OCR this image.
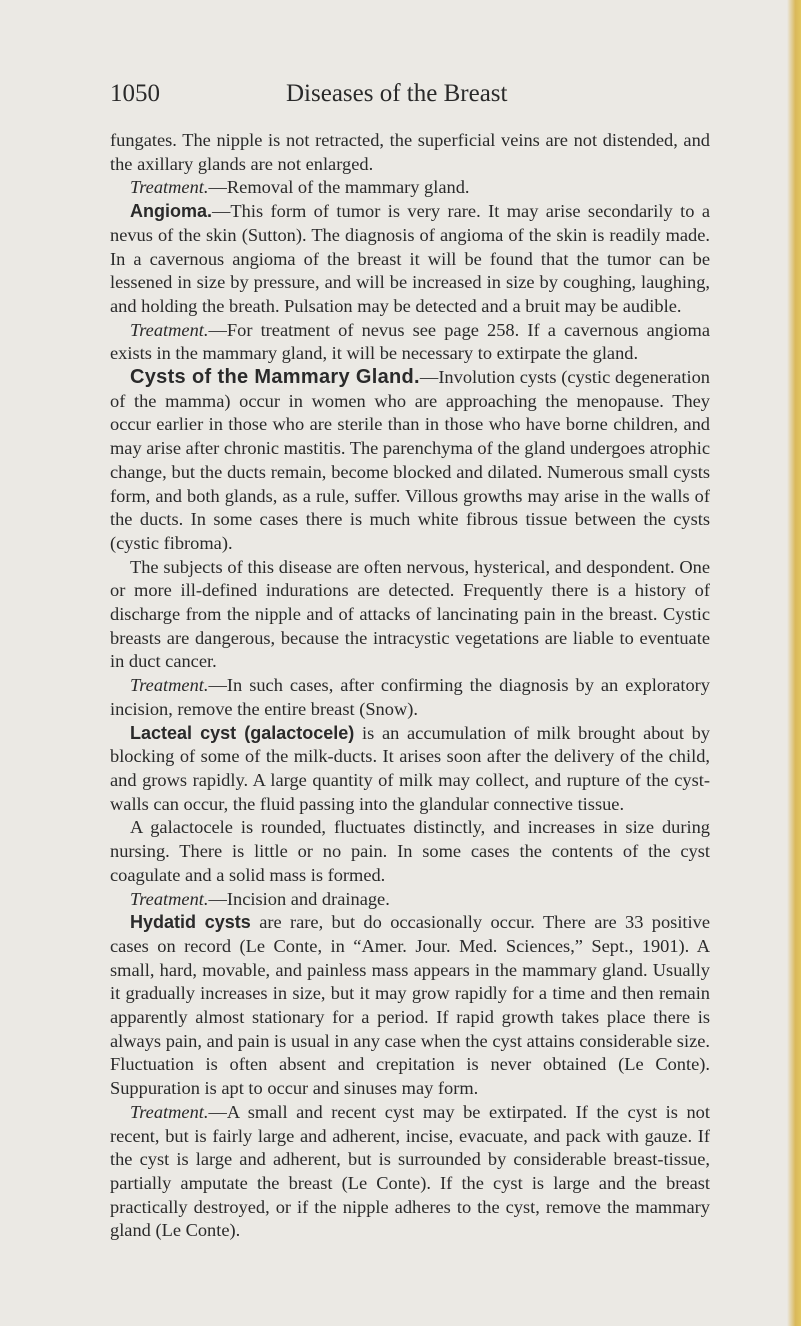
1050	Diseases of the Breast

fungates. The nipple is not retracted, the superficial veins are not distended, and the axillary glands are not enlarged.

Treatment.—Removal of the mammary gland.

Angioma.—This form of tumor is very rare. It may arise secondarily to a nevus of the skin (Sutton). The diagnosis of angioma of the skin is readily made. In a cavernous angioma of the breast it will be found that the tumor can be lessened in size by pressure, and will be increased in size by coughing, laughing, and holding the breath. Pulsation may be detected and a bruit may be audible.

Treatment.—For treatment of nevus see page 258. If a cavernous angioma exists in the mammary gland, it will be necessary to extirpate the gland.

Cysts of the Mammary Gland.—Involution cysts (cystic degeneration of the mamma) occur in women who are approaching the menopause. They occur earlier in those who are sterile than in those who have borne children, and may arise after chronic mastitis. The parenchyma of the gland undergoes atrophic change, but the ducts remain, become blocked and dilated. Numerous small cysts form, and both glands, as a rule, suffer. Villous growths may arise in the walls of the ducts. In some cases there is much white fibrous tissue between the cysts (cystic fibroma).

The subjects of this disease are often nervous, hysterical, and despondent. One or more ill-defined indurations are detected. Frequently there is a history of discharge from the nipple and of attacks of lancinating pain in the breast. Cystic breasts are dangerous, because the intracystic vegetations are liable to eventuate in duct cancer.

Treatment.—In such cases, after confirming the diagnosis by an exploratory incision, remove the entire breast (Snow).

Lacteal cyst (galactocele) is an accumulation of milk brought about by blocking of some of the milk-ducts. It arises soon after the delivery of the child, and grows rapidly. A large quantity of milk may collect, and rupture of the cyst-walls can occur, the fluid passing into the glandular connective tissue.

A galactocele is rounded, fluctuates distinctly, and increases in size during nursing. There is little or no pain. In some cases the contents of the cyst coagulate and a solid mass is formed.

Treatment.—Incision and drainage.

Hydatid cysts are rare, but do occasionally occur. There are 33 positive cases on record (Le Conte, in “Amer. Jour. Med. Sciences,” Sept., 1901). A small, hard, movable, and painless mass appears in the mammary gland. Usually it gradually increases in size, but it may grow rapidly for a time and then remain apparently almost stationary for a period. If rapid growth takes place there is always pain, and pain is usual in any case when the cyst attains considerable size. Fluctuation is often absent and crepitation is never obtained (Le Conte). Suppuration is apt to occur and sinuses may form.

Treatment.—A small and recent cyst may be extirpated. If the cyst is not recent, but is fairly large and adherent, incise, evacuate, and pack with gauze. If the cyst is large and adherent, but is surrounded by considerable breast-tissue, partially amputate the breast (Le Conte). If the cyst is large and the breast practically destroyed, or if the nipple adheres to the cyst, remove the mammary gland (Le Conte).
